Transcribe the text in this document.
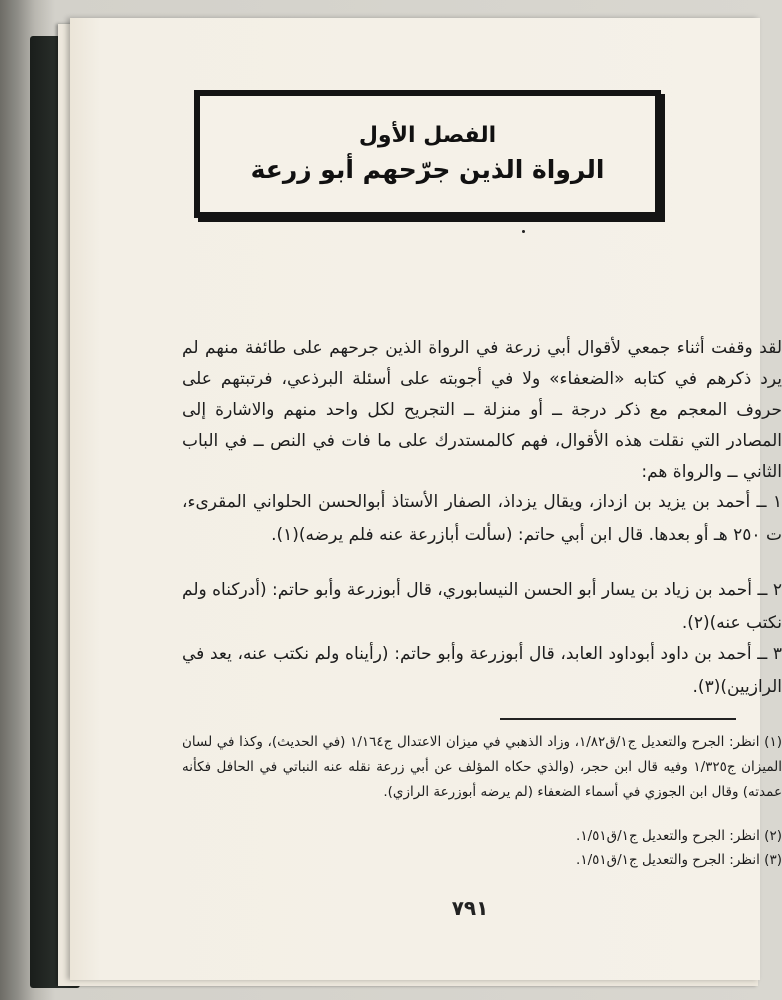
الفصل الأول
الرواة الذين جرّحهم أبو زرعة
لقد وقفت أثناء جمعي لأقوال أبي زرعة في الرواة الذين جرحهم على طائفة منهم لم يرد ذكرهم في كتابه «الضعفاء» ولا في أجوبته على أسئلة البرذعي، فرتبتهم على حروف المعجم مع ذكر درجة ــ أو منزلة ــ التجريح لكل واحد منهم والاشارة إلى المصادر التي نقلت هذه الأقوال، فهم كالمستدرك على ما فات في النص ــ في الباب الثاني ــ والرواة هم:
١ ــ أحمد بن يزيد بن ازداز، ويقال يزداذ، الصفار الأستاذ أبوالحسن الحلواني المقرىء، ت ٢٥٠ هـ أو بعدها. قال ابن أبي حاتم: (سألت أبازرعة عنه فلم يرضه)(١).
٢ ــ أحمد بن زياد بن يسار أبو الحسن النيسابوري، قال أبوزرعة وأبو حاتم: (أدركناه ولم نكتب عنه)(٢).
٣ ــ أحمد بن داود أبوداود العابد، قال أبوزرعة وأبو حاتم: (رأيناه ولم نكتب عنه، يعد في الرازيين)(٣).
(١) انظر: الجرح والتعديل ج١/ق١/٨٢، وزاد الذهبي في ميزان الاعتدال ج١/١٦٤ (في الحديث)، وكذا في لسان الميزان ج١/٣٢٥ وفيه قال ابن حجر، (والذي حكاه المؤلف عن أبي زرعة نقله عنه النباتي في الحافل فكأنه عمدته) وقال ابن الجوزي في أسماء الضعفاء (لم يرضه أبوزرعة الرازي).
(٢) انظر: الجرح والتعديل ج١/ق١/٥١.
(٣) انظر: الجرح والتعديل ج١/ق١/٥١.
٧٩١
